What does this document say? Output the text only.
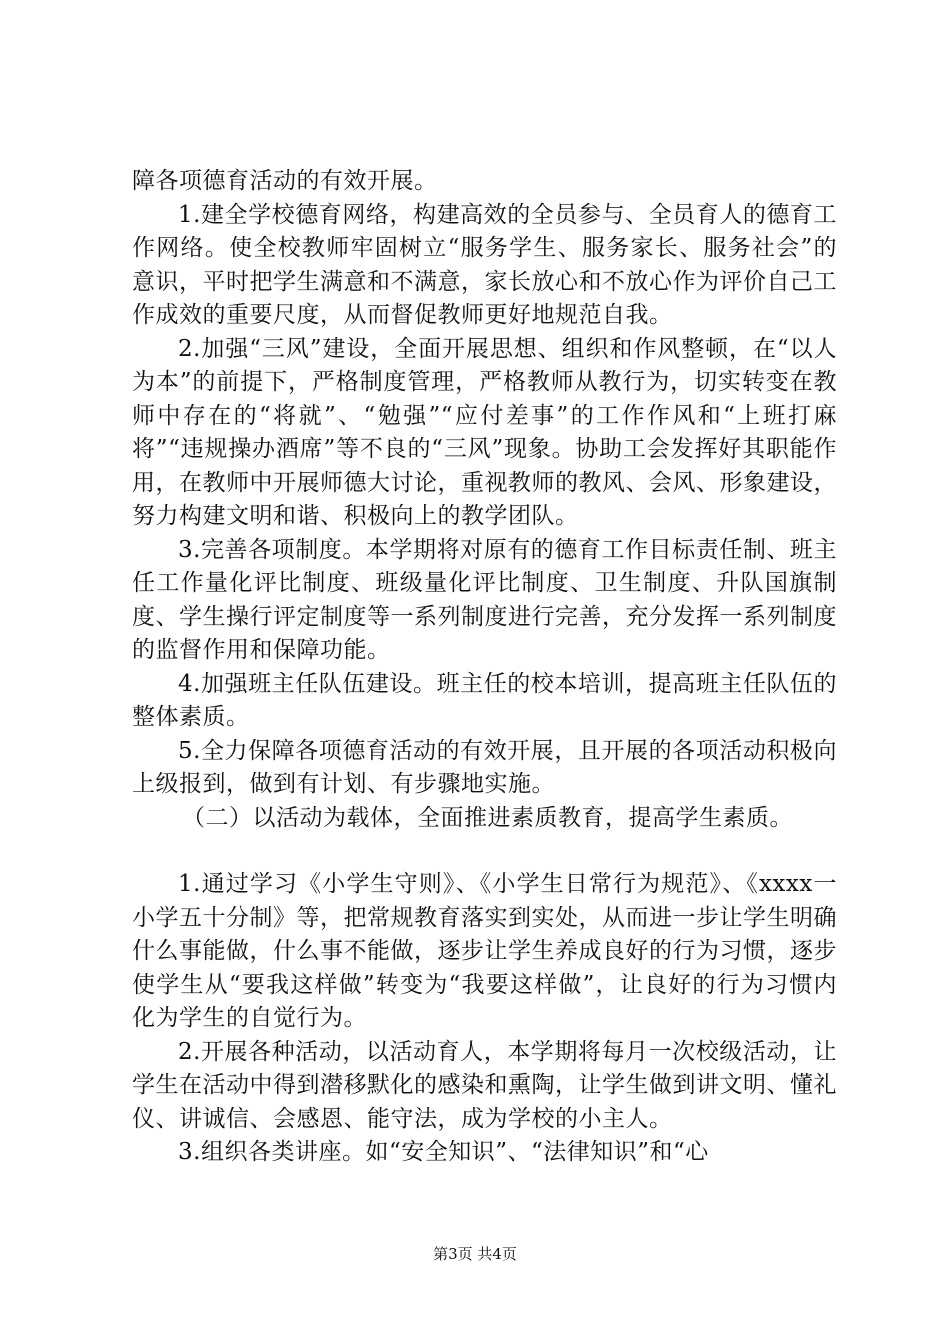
障各项德育活动的有效开展。

1.建全学校德育网络，构建高效的全员参与、全员育人的德育工作网络。使全校教师牢固树立“服务学生、服务家长、服务社会”的意识，平时把学生满意和不满意，家长放心和不放心作为评价自己工作成效的重要尺度，从而督促教师更好地规范自我。

2.加强“三风”建设，全面开展思想、组织和作风整顿，在“以人为本”的前提下，严格制度管理，严格教师从教行为，切实转变在教师中存在的“将就”、“勉强”“应付差事”的工作作风和“上班打麻将”“违规操办酒席”等不良的“三风”现象。协助工会发挥好其职能作用，在教师中开展师德大讨论，重视教师的教风、会风、形象建设，努力构建文明和谐、积极向上的教学团队。

3.完善各项制度。本学期将对原有的德育工作目标责任制、班主任工作量化评比制度、班级量化评比制度、卫生制度、升队国旗制度、学生操行评定制度等一系列制度进行完善，充分发挥一系列制度的监督作用和保障功能。

4.加强班主任队伍建设。班主任的校本培训，提高班主任队伍的整体素质。

5.全力保障各项德育活动的有效开展，且开展的各项活动积极向上级报到，做到有计划、有步骤地实施。

（二）以活动为载体，全面推进素质教育，提高学生素质。

1.通过学习《小学生守则》、《小学生日常行为规范》、《xxxx一小学五十分制》等，把常规教育落实到实处，从而进一步让学生明确什么事能做，什么事不能做，逐步让学生养成良好的行为习惯，逐步使学生从“要我这样做”转变为“我要这样做”，让良好的行为习惯内化为学生的自觉行为。

2.开展各种活动，以活动育人，本学期将每月一次校级活动，让学生在活动中得到潜移默化的感染和熏陶，让学生做到讲文明、懂礼仪、讲诚信、会感恩、能守法，成为学校的小主人。

3.组织各类讲座。如“安全知识”、“法律知识”和“心

第3页 共4页
